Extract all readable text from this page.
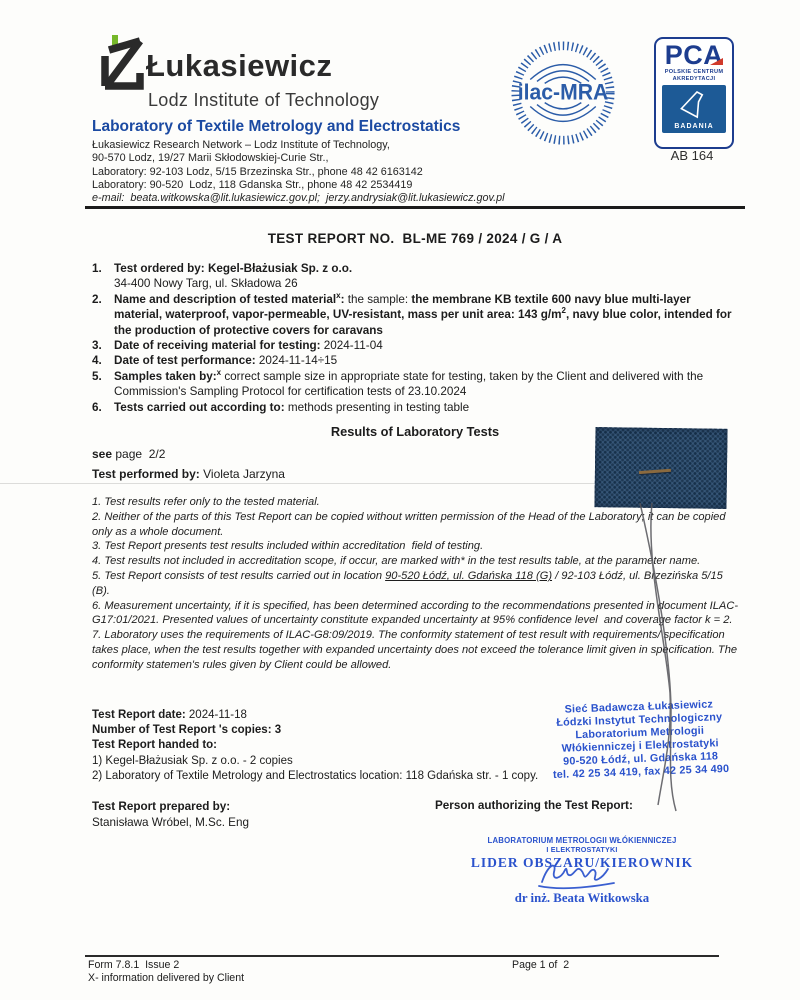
Łukasiewicz
Lodz Institute of Technology
Laboratory of Textile Metrology and Electrostatics
Łukasiewicz Research Network – Lodz Institute of Technology,
90-570 Lodz, 19/27 Marii Skłodowskiej-Curie Str.,
Laboratory: 92-103 Lodz, 5/15 Brzezinska Str., phone 48 42 6163142
Laboratory: 90-520  Lodz, 118 Gdanska Str., phone 48 42 2534419
e-mail:  beata.witkowska@lit.lukasiewicz.gov.pl;  jerzy.andrysiak@lit.lukasiewicz.gov.pl
ilac-MRA
PCA
POLSKIE CENTRUM
AKREDYTACJI
BADANIA
AB 164
TEST REPORT NO.  BL-ME 769 / 2024 / G / A
1.	Test ordered by: Kegel-Błażusiak Sp. z o.o.
34-400 Nowy Targ, ul. Składowa 26
2.	Name and description of tested material$^x$: the sample: the membrane KB textile 600 navy blue multi-layer material, waterproof, vapor-permeable, UV-resistant, mass per unit area: 143 $g/m^2$, navy blue color, intended for the production of protective covers for caravans
3.	Date of receiving material for testing: 2024-11-04
4.	Date of test performance: 2024-11-14÷15
5.	Samples taken by:$^x$ correct sample size in appropriate state for testing, taken by the Client and delivered with the Commission's Sampling Protocol for certification tests of 23.10.2024
6.	Tests carried out according to: methods presenting in testing table
Results of Laboratory Tests
see page  2/2
Test performed by: Violeta Jarzyna

1. Test results refer only to the tested material.

2. Neither of the parts of this Test Report can be copied without written permission of the Head of the Laboratory; it can be copied only as a whole document.

3. Test Report presents test results included within accreditation  field of testing.

4. Test results not included in accreditation scope, if occur, are marked with* in the test results table, at the parameter name.

5. Test Report consists of test results carried out in location 90-520 Łódź, ul. Gdańska 118 (G) / 92-103 Łódź, ul. Brzezińska 5/15 (B).

6. Measurement uncertainty, if it is specified, has been determined according to the recommendations presented in document ILAC-G17:01/2021. Presented values of uncertainty constitute expanded uncertainty at 95% confidence level  and coverage factor k = 2.

7. Laboratory uses the requirements of ILAC-G8:09/2019. The conformity statement of test result with requirements/ specification takes place, when the test results together with expanded uncertainty does not exceed the tolerance limit given in specification. The conformity statemen's rules given by Client could be allowed.

Test Report date: 2024-11-18
Number of Test Report 's copies: 3
Test Report handed to:
1) Kegel-Błażusiak Sp. z o.o. - 2 copies
2) Laboratory of Textile Metrology and Electrostatics location: 118 Gdańska str. - 1 copy.
Sieć Badawcza Łukasiewicz
Łódzki Instytut Technologiczny
Laboratorium Metrologii
Włókienniczej i Elektrostatyki
90-520 Łódź, ul. Gdańska 118
tel. 42 25 34 419, fax 42 25 34 490
Test Report prepared by:
Stanisława Wróbel, M.Sc. Eng
Person authorizing the Test Report:
LABORATORIUM METROLOGII WŁÓKIENNICZEJ
I ELEKTROSTATYKI
LIDER OBSZARU/KIEROWNIK
dr inż. Beata Witkowska
Form 7.8.1  Issue 2
X- information delivered by Client
Page 1 of  2
